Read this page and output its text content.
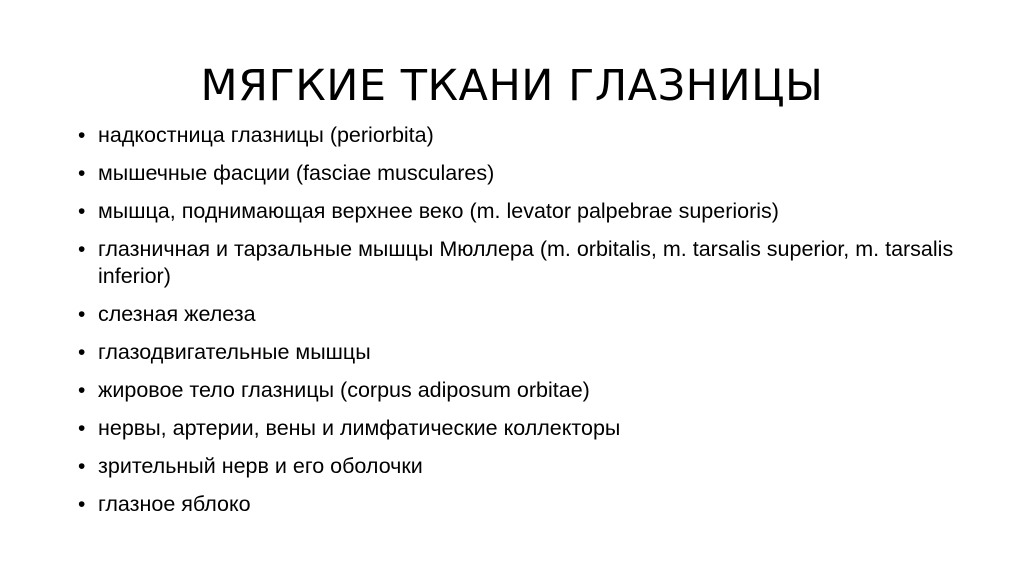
МЯГКИЕ ТКАНИ ГЛАЗНИЦЫ
• надкостница глазницы (periorbita)
• мышечные фасции (fasciae musculares)
• мышца, поднимающая верхнее веко (m. levator palpebrae superioris)
• глазничная и тарзальные мышцы Мюллера (m. orbitalis, m. tarsalis superior, m. tarsalis inferior)
• слезная железа
• глазодвигательные мышцы
• жировое тело глазницы (corpus adiposum orbitae)
• нервы, артерии, вены и лимфатические коллекторы
• зрительный нерв и его оболочки
• глазное яблоко
